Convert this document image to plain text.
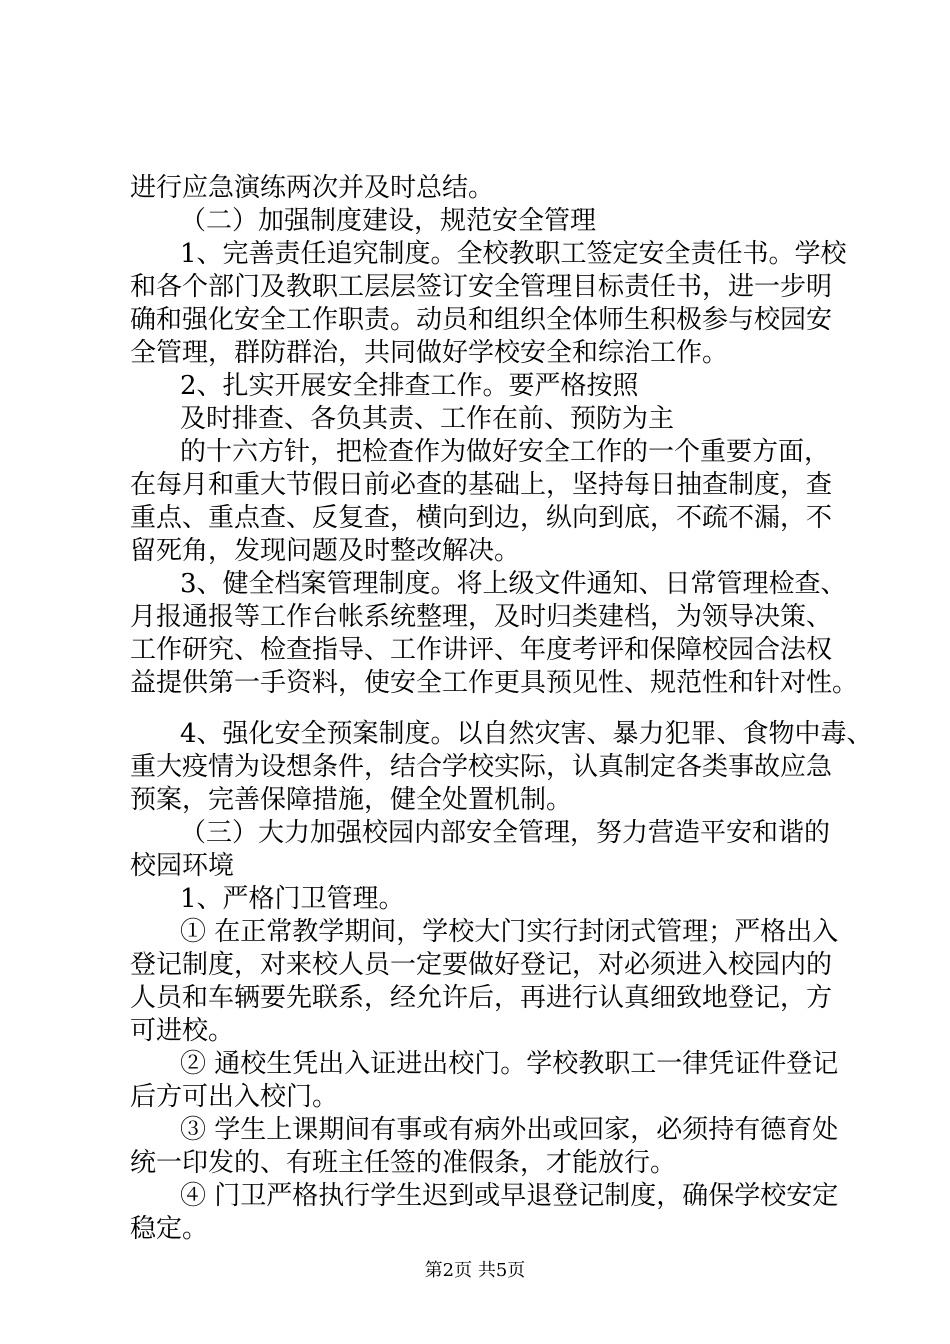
进行应急演练两次并及时总结。

（二）加强制度建设，规范安全管理

1、完善责任追究制度。全校教职工签定安全责任书。学校

和各个部门及教职工层层签订安全管理目标责任书，进一步明

确和强化安全工作职责。动员和组织全体师生积极参与校园安

全管理，群防群治，共同做好学校安全和综治工作。

2、扎实开展安全排查工作。要严格按照

及时排查、各负其责、工作在前、预防为主

的十六方针，把检查作为做好安全工作的一个重要方面，

在每月和重大节假日前必查的基础上，坚持每日抽查制度，查

重点、重点查、反复查，横向到边，纵向到底，不疏不漏，不

留死角，发现问题及时整改解决。

3、健全档案管理制度。将上级文件通知、日常管理检查、

月报通报等工作台帐系统整理，及时归类建档，为领导决策、

工作研究、检查指导、工作讲评、年度考评和保障校园合法权

益提供第一手资料，使安全工作更具预见性、规范性和针对性。

4、强化安全预案制度。以自然灾害、暴力犯罪、食物中毒、

重大疫情为设想条件，结合学校实际，认真制定各类事故应急

预案，完善保障措施，健全处置机制。

（三）大力加强校园内部安全管理，努力营造平安和谐的

校园环境

1、严格门卫管理。

① 在正常教学期间，学校大门实行封闭式管理；严格出入

登记制度，对来校人员一定要做好登记，对必须进入校园内的

人员和车辆要先联系，经允许后，再进行认真细致地登记，方

可进校。

② 通校生凭出入证进出校门。学校教职工一律凭证件登记

后方可出入校门。

③ 学生上课期间有事或有病外出或回家，必须持有德育处

统一印发的、有班主任签的准假条，才能放行。

④ 门卫严格执行学生迟到或早退登记制度，确保学校安定

稳定。

第2页 共5页
